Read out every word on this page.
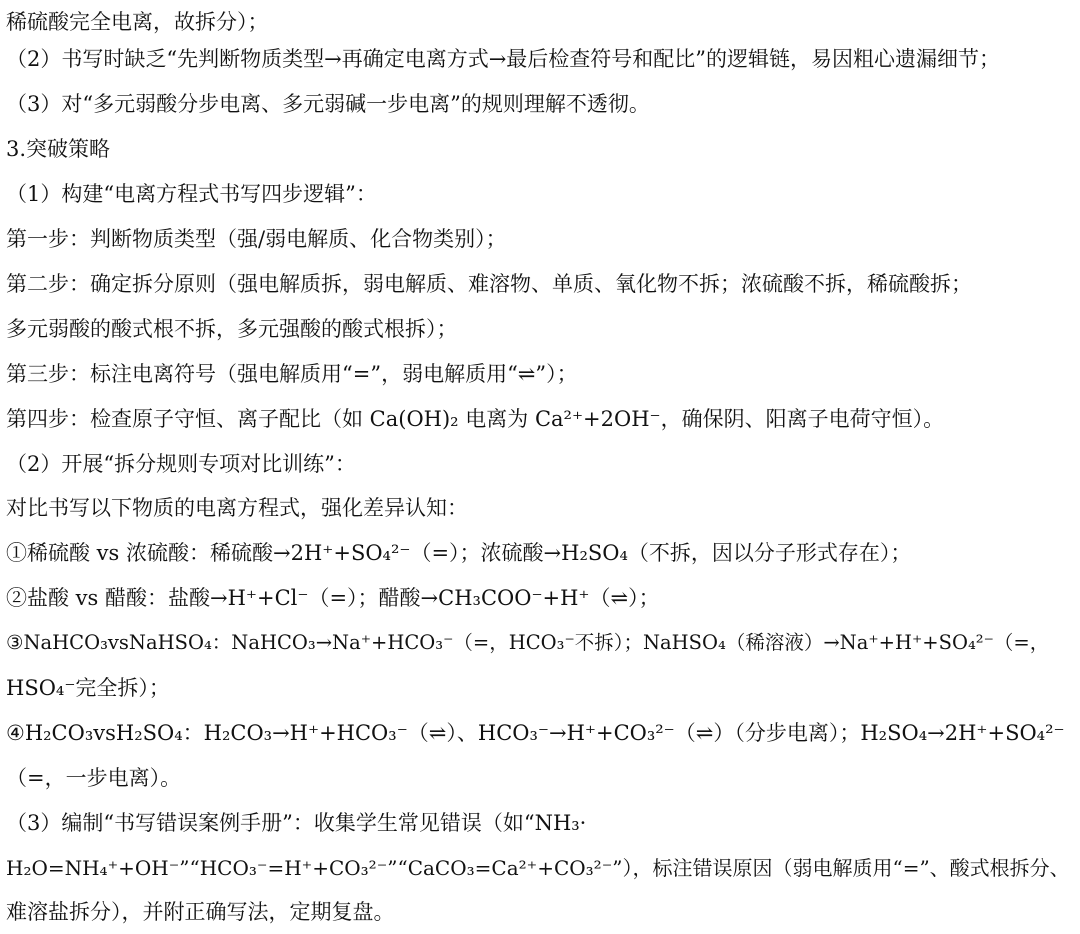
稀硫酸完全电离，故拆分）；
（2）书写时缺乏“先判断物质类型→再确定电离方式→最后检查符号和配比”的逻辑链，易因粗心遗漏细节；
（3）对“多元弱酸分步电离、多元弱碱一步电离”的规则理解不透彻。
3.突破策略
（1）构建“电离方程式书写四步逻辑”：
第一步：判断物质类型（强/弱电解质、化合物类别）；
第二步：确定拆分原则（强电解质拆，弱电解质、难溶物、单质、氧化物不拆；浓硫酸不拆，稀硫酸拆；
多元弱酸的酸式根不拆，多元强酸的酸式根拆）；
第三步：标注电离符号（强电解质用“=”，弱电解质用“⇌”）；
第四步：检查原子守恒、离子配比（如 Ca(OH)₂ 电离为 Ca²⁺+2OH⁻，确保阴、阳离子电荷守恒）。
（2）开展“拆分规则专项对比训练”：
对比书写以下物质的电离方程式，强化差异认知：
①稀硫酸 vs 浓硫酸：稀硫酸→2H⁺+SO₄²⁻（=）；浓硫酸→H₂SO₄（不拆，因以分子形式存在）；
②盐酸 vs 醋酸：盐酸→H⁺+Cl⁻（=）；醋酸→CH₃COO⁻+H⁺（⇌）；
③NaHCO₃vsNaHSO₄：NaHCO₃→Na⁺+HCO₃⁻（=，HCO₃⁻不拆）；NaHSO₄（稀溶液）→Na⁺+H⁺+SO₄²⁻（=，
HSO₄⁻完全拆）；
④H₂CO₃vsH₂SO₄：H₂CO₃→H⁺+HCO₃⁻（⇌）、HCO₃⁻→H⁺+CO₃²⁻（⇌）（分步电离）；H₂SO₄→2H⁺+SO₄²⁻
（=，一步电离）。
（3）编制“书写错误案例手册”：收集学生常见错误（如“NH₃·
H₂O=NH₄⁺+OH⁻”“HCO₃⁻=H⁺+CO₃²⁻”“CaCO₃=Ca²⁺+CO₃²⁻”），标注错误原因（弱电解质用“=”、酸式根拆分、
难溶盐拆分），并附正确写法，定期复盘。
